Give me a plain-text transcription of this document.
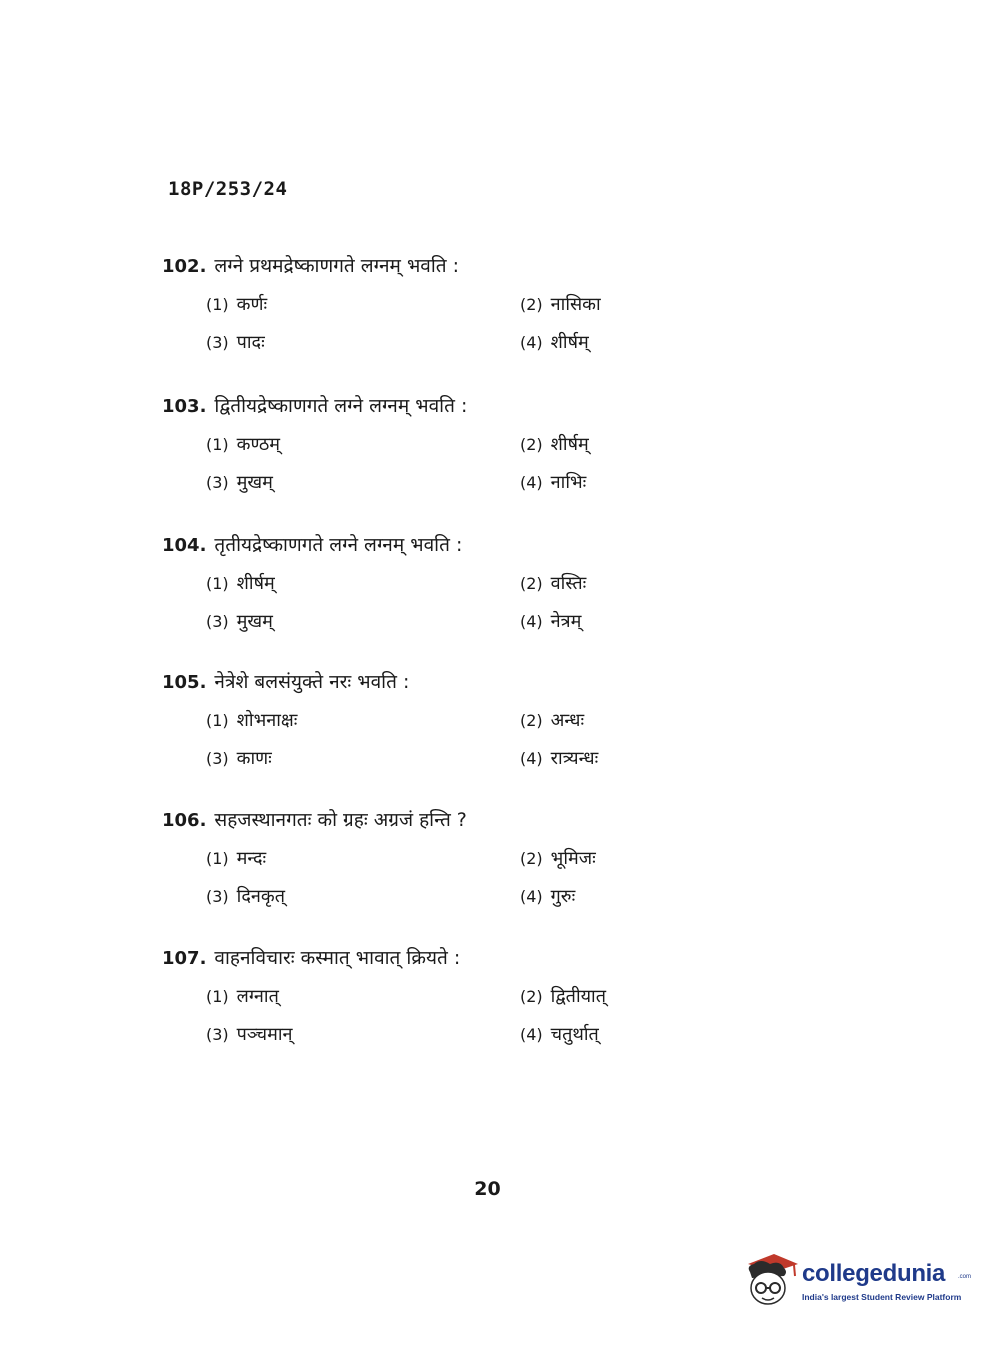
18P/253/24
102. लग्ने प्रथमद्रेष्काणगते लग्नम् भवति :
(1) कर्णः	(2) नासिका
(3) पादः	(4) शीर्षम्
103. द्वितीयद्रेष्काणगते लग्ने लग्नम् भवति :
(1) कण्ठम्	(2) शीर्षम्
(3) मुखम्	(4) नाभिः
104. तृतीयद्रेष्काणगते लग्ने लग्नम् भवति :
(1) शीर्षम्	(2) वस्तिः
(3) मुखम्	(4) नेत्रम्
105. नेत्रेशे बलसंयुक्ते नरः भवति :
(1) शोभनाक्षः	(2) अन्धः
(3) काणः	(4) रात्र्यन्धः
106. सहजस्थानगतः को ग्रहः अग्रजं हन्ति ?
(1) मन्दः	(2) भूमिजः
(3) दिनकृत्	(4) गुरुः
107. वाहनविचारः कस्मात् भावात् क्रियते :
(1) लग्नात्	(2) द्वितीयात्
(3) पञ्चमान्	(4) चतुर्थात्
20
collegedunia .com
India's largest Student Review Platform
